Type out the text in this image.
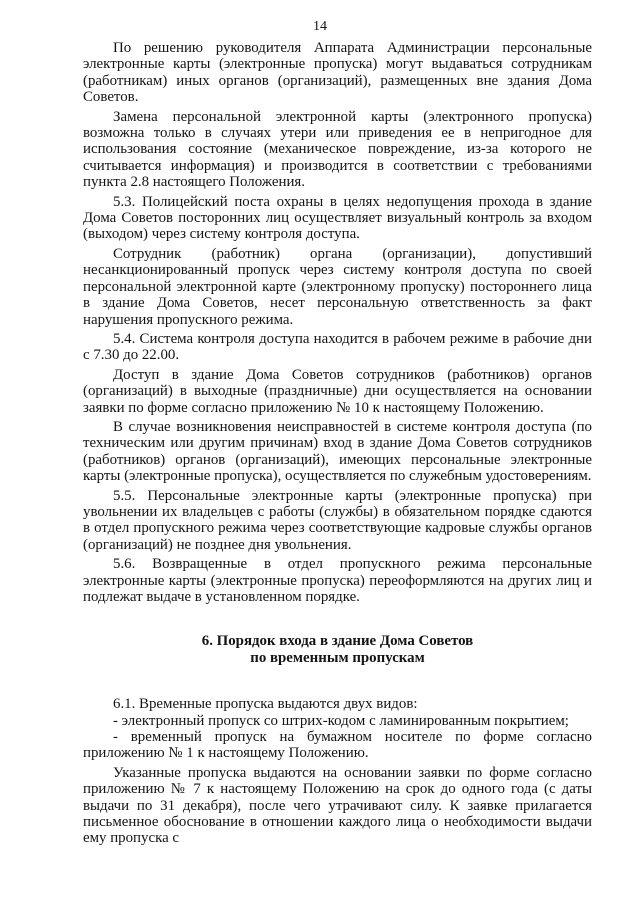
14

По решению руководителя Аппарата Администрации персональные электронные карты (электронные пропуска) могут выдаваться сотрудникам (работникам) иных органов (организаций), размещенных вне здания Дома Советов.

Замена персональной электронной карты (электронного пропуска) возможна только в случаях утери или приведения ее в непригодное для использования состояние (механическое повреждение, из-за которого не считывается информация) и производится в соответствии с требованиями пункта 2.8 настоящего Положения.

5.3. Полицейский поста охраны в целях недопущения прохода в здание Дома Советов посторонних лиц осуществляет визуальный контроль за входом (выходом) через систему контроля доступа.

Сотрудник (работник) органа (организации), допустивший несанкционированный пропуск через систему контроля доступа по своей персональной электронной карте (электронному пропуску) постороннего лица в здание Дома Советов, несет персональную ответственность за факт нарушения пропускного режима.

5.4. Система контроля доступа находится в рабочем режиме в рабочие дни с 7.30 до 22.00.

Доступ в здание Дома Советов сотрудников (работников) органов (организаций) в выходные (праздничные) дни осуществляется на основании заявки по форме согласно приложению № 10 к настоящему Положению.

В случае возникновения неисправностей в системе контроля доступа (по техническим или другим причинам) вход в здание Дома Советов сотрудников (работников) органов (организаций), имеющих персональные электронные карты (электронные пропуска), осуществляется по служебным удостоверениям.

5.5. Персональные электронные карты (электронные пропуска) при увольнении их владельцев с работы (службы) в обязательном порядке сдаются в отдел пропускного режима через соответствующие кадровые службы органов (организаций) не позднее дня увольнения.

5.6. Возвращенные в отдел пропускного режима персональные электронные карты (электронные пропуска) переоформляются на других лиц и подлежат выдаче в установленном порядке.

6. Порядок входа в здание Дома Советов
по временным пропускам

6.1. Временные пропуска выдаются двух видов:

- электронный пропуск со штрих-кодом с ламинированным покрытием;

- временный пропуск на бумажном носителе по форме согласно приложению № 1 к настоящему Положению.

Указанные пропуска выдаются на основании заявки по форме согласно приложению № 7 к настоящему Положению на срок до одного года (с даты выдачи по 31 декабря), после чего утрачивают силу. К заявке прилагается письменное обоснование в отношении каждого лица о необходимости выдачи ему пропуска с
